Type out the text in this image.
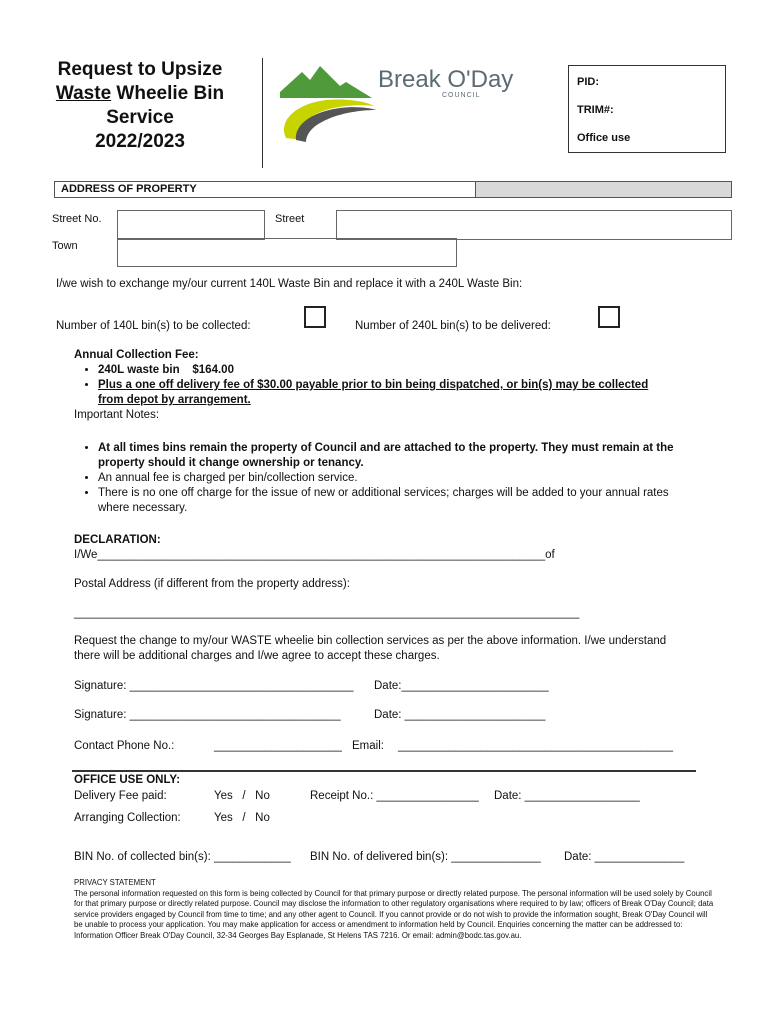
Request to Upsize
Waste Wheelie Bin
Service
2022/2023
Break O'Day
COUNCIL
PID:
TRIM#:
Office use
ADDRESS OF PROPERTY
Street No.	Street
Town
I/we wish to exchange my/our current 140L Waste Bin and replace it with a 240L Waste Bin:
Number of 140L bin(s) to be collected:	Number of 240L bin(s) to be delivered:
Annual Collection Fee:
• 240L waste bin $164.00
• Plus a one off delivery fee of $30.00 payable prior to bin being dispatched, or bin(s) may be collected from depot by arrangement.
Important Notes:
• At all times bins remain the property of Council and are attached to the property. They must remain at the property should it change ownership or tenancy.
• An annual fee is charged per bin/collection service.
• There is no one off charge for the issue of new or additional services; charges will be added to your annual rates where necessary.
DECLARATION:
I/We______________________________________________________________________of
Postal Address (if different from the property address):
_______________________________________________________________________________
Request the change to my/our WASTE wheelie bin collection services as per the above information. I/we understand there will be additional charges and I/we agree to accept these charges.
Signature: ___________________________________ Date:_______________________
Signature: _________________________________	Date: ______________________
Contact Phone No.:	____________________ Email: ___________________________________________
OFFICE USE ONLY:
Delivery Fee paid:	Yes / No	Receipt No.: ________________ Date: __________________
Arranging Collection:	Yes / No
BIN No. of collected bin(s): ____________ BIN No. of delivered bin(s): ______________ Date: ______________
PRIVACY STATEMENT
The personal information requested on this form is being collected by Council for that primary purpose or directly related purpose. The personal information will be used solely by Council for that primary purpose or directly related purpose. Council may disclose the information to other regulatory organisations where required to by law; officers of Break O'Day Council; data service providers engaged by Council from time to time; and any other agent to Council. If you cannot provide or do not wish to provide the information sought, Break O'Day Council will be unable to process your application. You may make application for access or amendment to information held by Council. Enquiries concerning the matter can be addressed to: Information Officer Break O'Day Council, 32-34 Georges Bay Esplanade, St Helens TAS 7216. Or email: admin@bodc.tas.gov.au.
